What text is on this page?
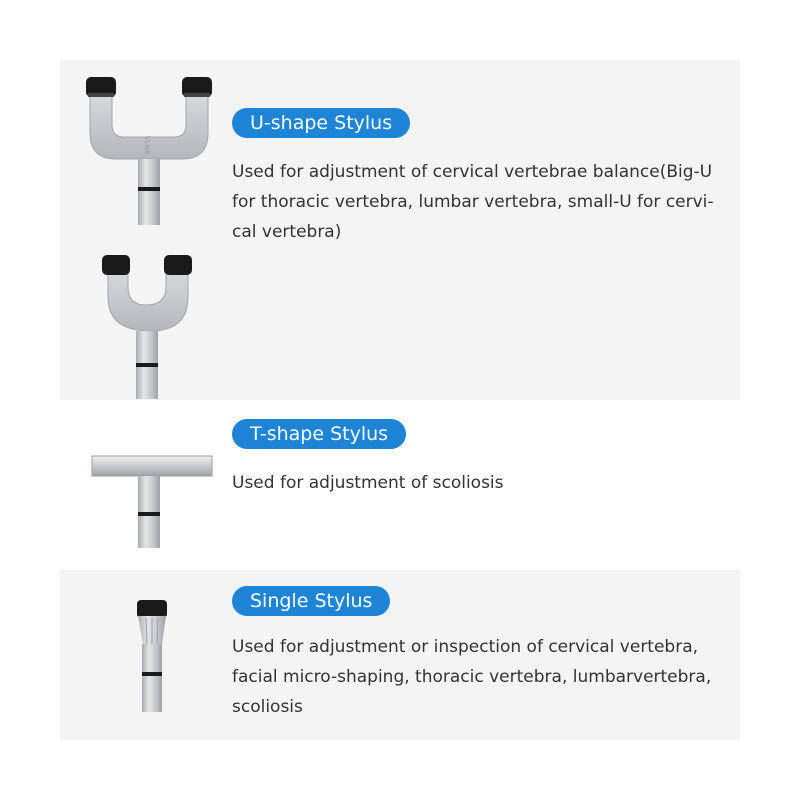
U-shape Stylus
Used for adjustment of cervical vertebrae balance(Big-U for thoracic vertebra, lumbar vertebra, small-U for cervi-cal vertebra)
T-shape Stylus
Used for adjustment of scoliosis
Single Stylus
Used for adjustment or inspection of cervical vertebra, facial micro-shaping, thoracic vertebra, lumbarvertebra, scoliosis
VLNA
